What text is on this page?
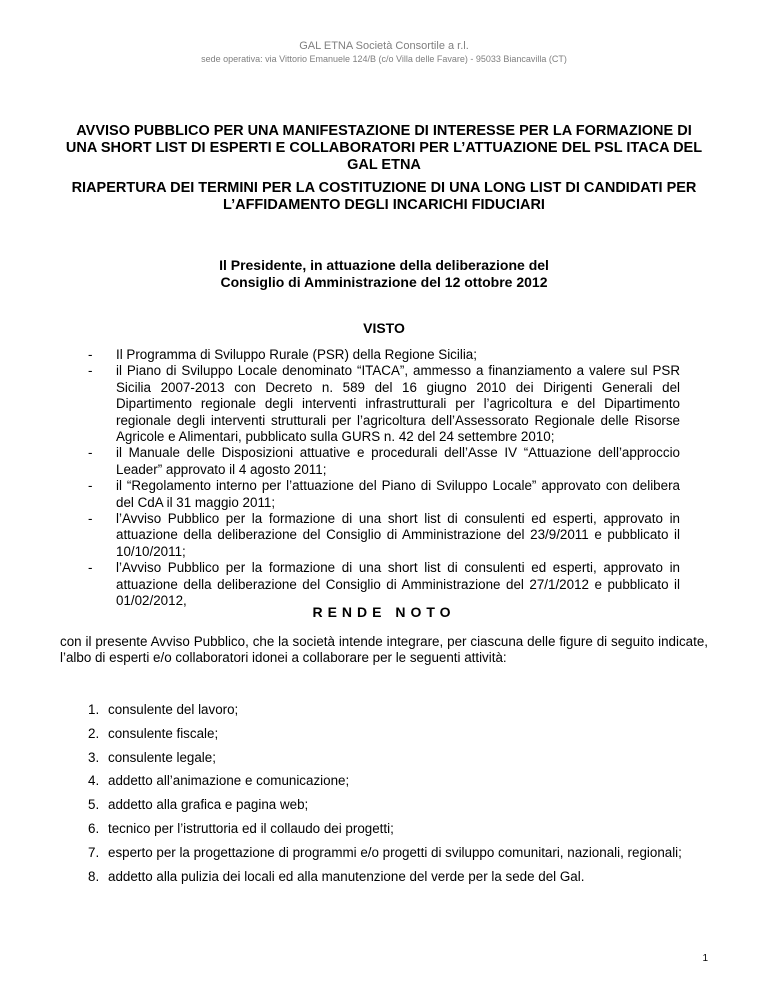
GAL ETNA Società Consortile a r.l.
sede operativa: via Vittorio Emanuele 124/B (c/o Villa delle Favare) - 95033 Biancavilla (CT)
AVVISO PUBBLICO PER UNA MANIFESTAZIONE DI INTERESSE PER LA FORMAZIONE DI UNA SHORT LIST DI ESPERTI E COLLABORATORI PER L’ATTUAZIONE DEL PSL ITACA DEL GAL ETNA
RIAPERTURA DEI TERMINI PER LA COSTITUZIONE DI UNA LONG LIST DI CANDIDATI PER L’AFFIDAMENTO DEGLI INCARICHI FIDUCIARI
Il Presidente, in attuazione della deliberazione del
Consiglio di Amministrazione del 12 ottobre 2012
VISTO
- Il Programma di Sviluppo Rurale (PSR) della Regione Sicilia;
- il Piano di Sviluppo Locale denominato “ITACA”, ammesso a finanziamento a valere sul PSR Sicilia 2007-2013 con Decreto n. 589 del 16 giugno 2010 dei Dirigenti Generali del Dipartimento regionale degli interventi infrastrutturali per l’agricoltura e del Dipartimento regionale degli interventi strutturali per l’agricoltura dell’Assessorato Regionale delle Risorse Agricole e Alimentari, pubblicato sulla GURS n. 42 del 24 settembre 2010;
- il Manuale delle Disposizioni attuative e procedurali dell’Asse IV “Attuazione dell’approccio Leader” approvato il 4 agosto 2011;
- il “Regolamento interno per l’attuazione del Piano di Sviluppo Locale” approvato con delibera del CdA il 31 maggio 2011;
- l’Avviso Pubblico per la formazione di una short list di consulenti ed esperti, approvato in attuazione della deliberazione del Consiglio di Amministrazione del 23/9/2011 e pubblicato il 10/10/2011;
- l’Avviso Pubblico per la formazione di una short list di consulenti ed esperti, approvato in attuazione della deliberazione del Consiglio di Amministrazione del 27/1/2012 e pubblicato il 01/02/2012,
RENDE NOTO

con il presente Avviso Pubblico, che la società intende integrare, per ciascuna delle figure di seguito indicate, l’albo di esperti e/o collaboratori idonei a collaborare per le seguenti attività:

1. consulente del lavoro;
2. consulente fiscale;
3. consulente legale;
4. addetto all’animazione e comunicazione;
5. addetto alla grafica e pagina web;
6. tecnico per l’istruttoria ed il collaudo dei progetti;
7. esperto per la progettazione di programmi e/o progetti di sviluppo comunitari, nazionali, regionali;
8. addetto alla pulizia dei locali ed alla manutenzione del verde per la sede del Gal.
1
